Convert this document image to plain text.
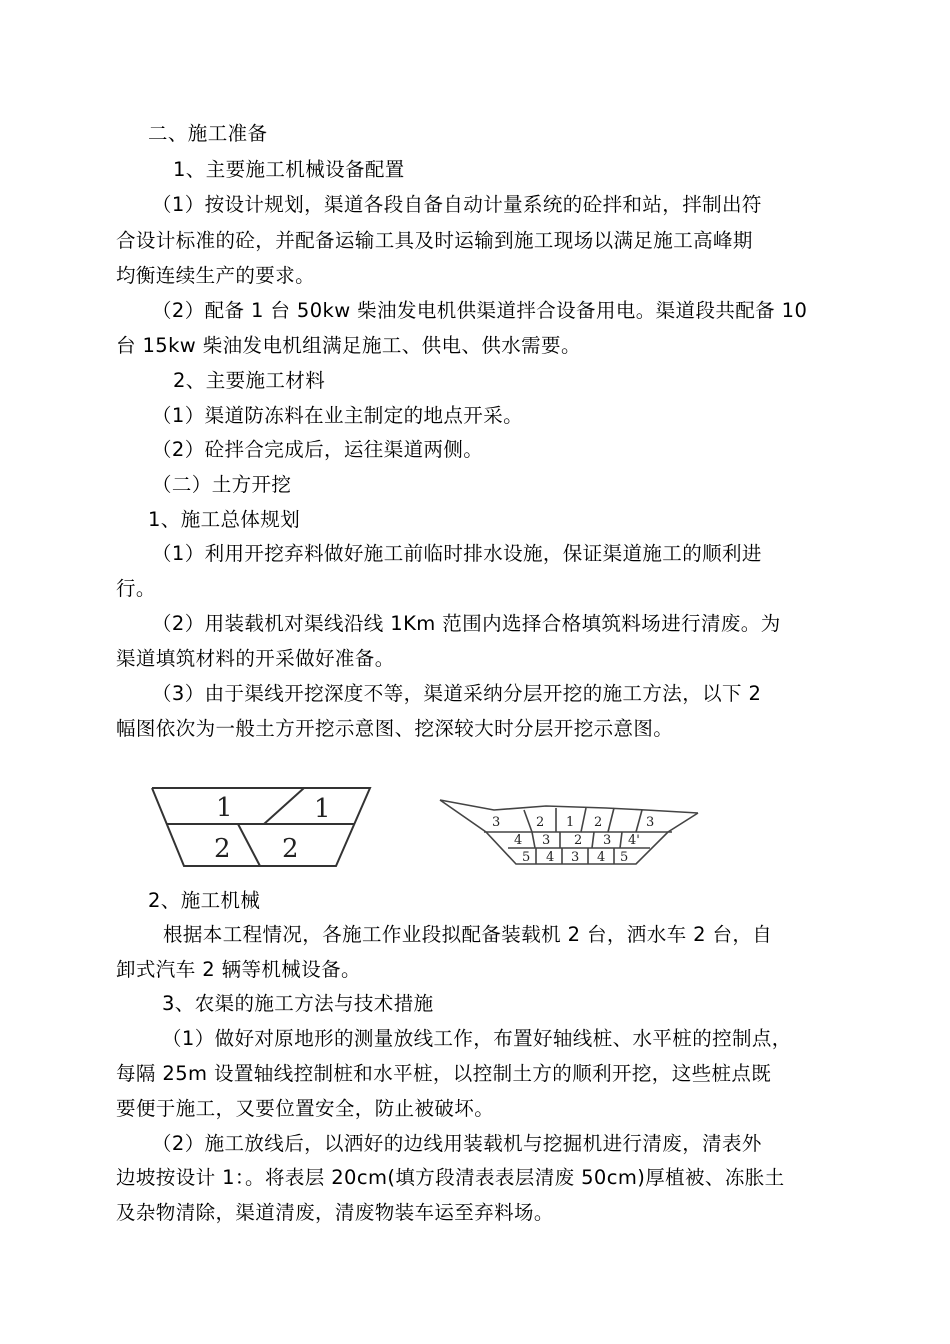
二、施工准备
1、主要施工机械设备配置
（1）按设计规划，渠道各段自备自动计量系统的砼拌和站，拌制出符
合设计标准的砼，并配备运输工具及时运输到施工现场以满足施工高峰期
均衡连续生产的要求。
（2）配备 1 台 50kw 柴油发电机供渠道拌合设备用电。渠道段共配备 10
台 15kw 柴油发电机组满足施工、供电、供水需要。
2、主要施工材料
（1）渠道防冻料在业主制定的地点开采。
（2）砼拌合完成后，运往渠道两侧。
（二）土方开挖
1、施工总体规划
（1）利用开挖弃料做好施工前临时排水设施，保证渠道施工的顺利进
行。
（2）用装载机对渠线沿线 1Km 范围内选择合格填筑料场进行清废。为
渠道填筑材料的开采做好准备。
（3）由于渠线开挖深度不等，渠道采纳分层开挖的施工方法，以下 2
幅图依次为一般土方开挖示意图、挖深较大时分层开挖示意图。
2、施工机械
根据本工程情况，各施工作业段拟配备装载机 2 台，洒水车 2 台，自
卸式汽车 2 辆等机械设备。
3、农渠的施工方法与技术措施
（1）做好对原地形的测量放线工作，布置好轴线桩、水平桩的控制点，
每隔 25m 设置轴线控制桩和水平桩，以控制土方的顺利开挖，这些桩点既
要便于施工，又要位置安全，防止被破坏。
（2）施工放线后，以洒好的边线用装载机与挖掘机进行清废，清表外
边坡按设计 1：。将表层 20cm(填方段清表表层清废 50cm)厚植被、冻胀土
及杂物清除，渠道清废，清废物装车运至弃料场。
1	1
2 2
3	2 1 2	3
4 3 2 3 4'
5 4 3 4 5
